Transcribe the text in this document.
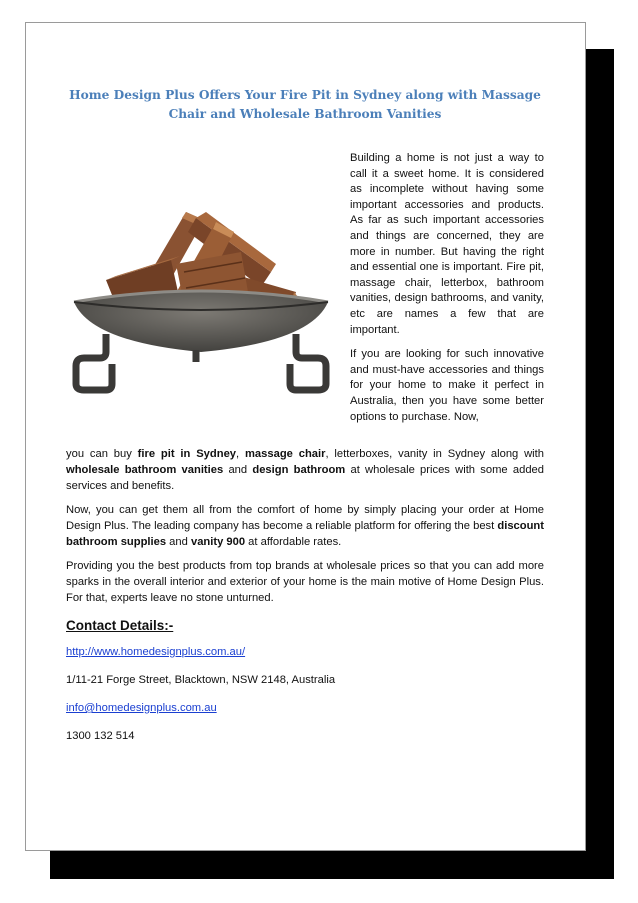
Home Design Plus Offers Your Fire Pit in Sydney along with Massage Chair and Wholesale Bathroom Vanities

Building a home is not just a way to call it a sweet home. It is considered as incomplete without having some important accessories and products. As far as such important accessories and things are concerned, they are more in number. But having the right and essential one is important. Fire pit, massage chair, letterbox, bathroom vanities, design bathrooms, and vanity, etc are names a few that are important.

If you are looking for such innovative and must-have accessories and things for your home to make it perfect in Australia, then you have some better options to purchase. Now,

you can buy fire pit in Sydney, massage chair, letterboxes, vanity in Sydney along with wholesale bathroom vanities and design bathroom at wholesale prices with some added services and benefits.

Now, you can get them all from the comfort of home by simply placing your order at Home Design Plus. The leading company has become a reliable platform for offering the best discount bathroom supplies and vanity 900 at affordable rates.

Providing you the best products from top brands at wholesale prices so that you can add more sparks in the overall interior and exterior of your home is the main motive of Home Design Plus. For that, experts leave no stone unturned.

Contact Details:-
http://www.homedesignplus.com.au/
1/11-21 Forge Street, Blacktown, NSW 2148, Australia
info@homedesignplus.com.au
1300 132 514
